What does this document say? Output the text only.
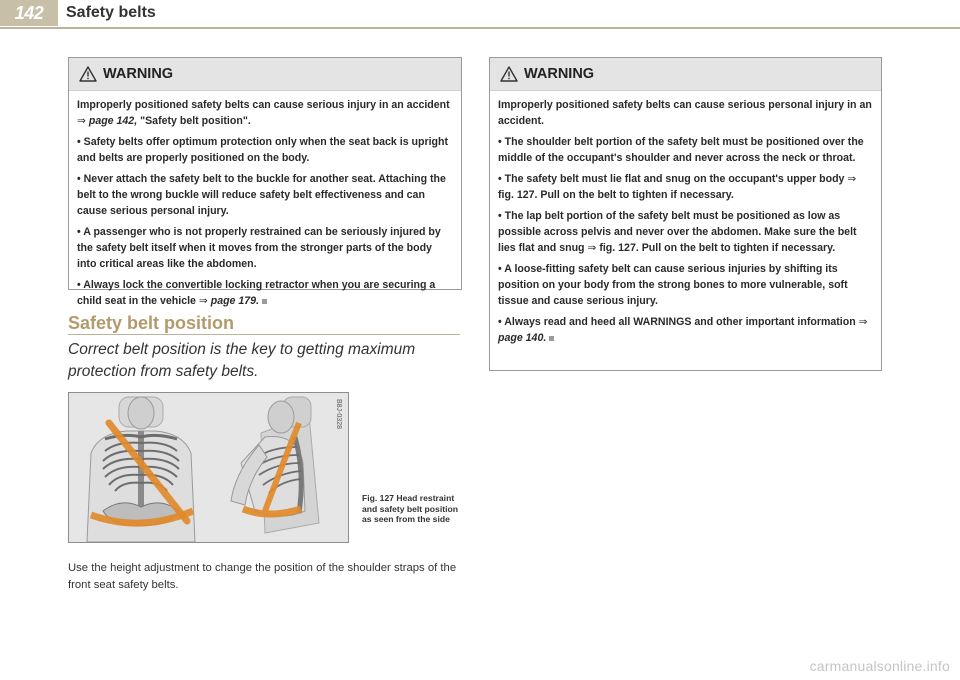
142	Safety belts
WARNING

Improperly positioned safety belts can cause serious injury in an accident ⇒ page 142, "Safety belt position".

• Safety belts offer optimum protection only when the seat back is upright and belts are properly positioned on the body.

• Never attach the safety belt to the buckle for another seat. Attaching the belt to the wrong buckle will reduce safety belt effectiveness and can cause serious personal injury.

• A passenger who is not properly restrained can be seriously injured by the safety belt itself when it moves from the stronger parts of the body into critical areas like the abdomen.

• Always lock the convertible locking retractor when you are securing a child seat in the vehicle ⇒ page 179.

Safety belt position
Correct belt position is the key to getting maximum protection from safety belts.
B8J-0328
Fig. 127 Head restraint and safety belt position as seen from the side
Use the height adjustment to change the position of the shoulder straps of the front seat safety belts.
WARNING

Improperly positioned safety belts can cause serious personal injury in an accident.

• The shoulder belt portion of the safety belt must be positioned over the middle of the occupant's shoulder and never across the neck or throat.

• The safety belt must lie flat and snug on the occupant's upper body ⇒ fig. 127. Pull on the belt to tighten if necessary.

• The lap belt portion of the safety belt must be positioned as low as possible across pelvis and never over the abdomen. Make sure the belt lies flat and snug ⇒ fig. 127. Pull on the belt to tighten if necessary.

• A loose-fitting safety belt can cause serious injuries by shifting its position on your body from the strong bones to more vulnerable, soft tissue and cause serious injury.

• Always read and heed all WARNINGS and other important information ⇒ page 140.

carmanualsonline.info
